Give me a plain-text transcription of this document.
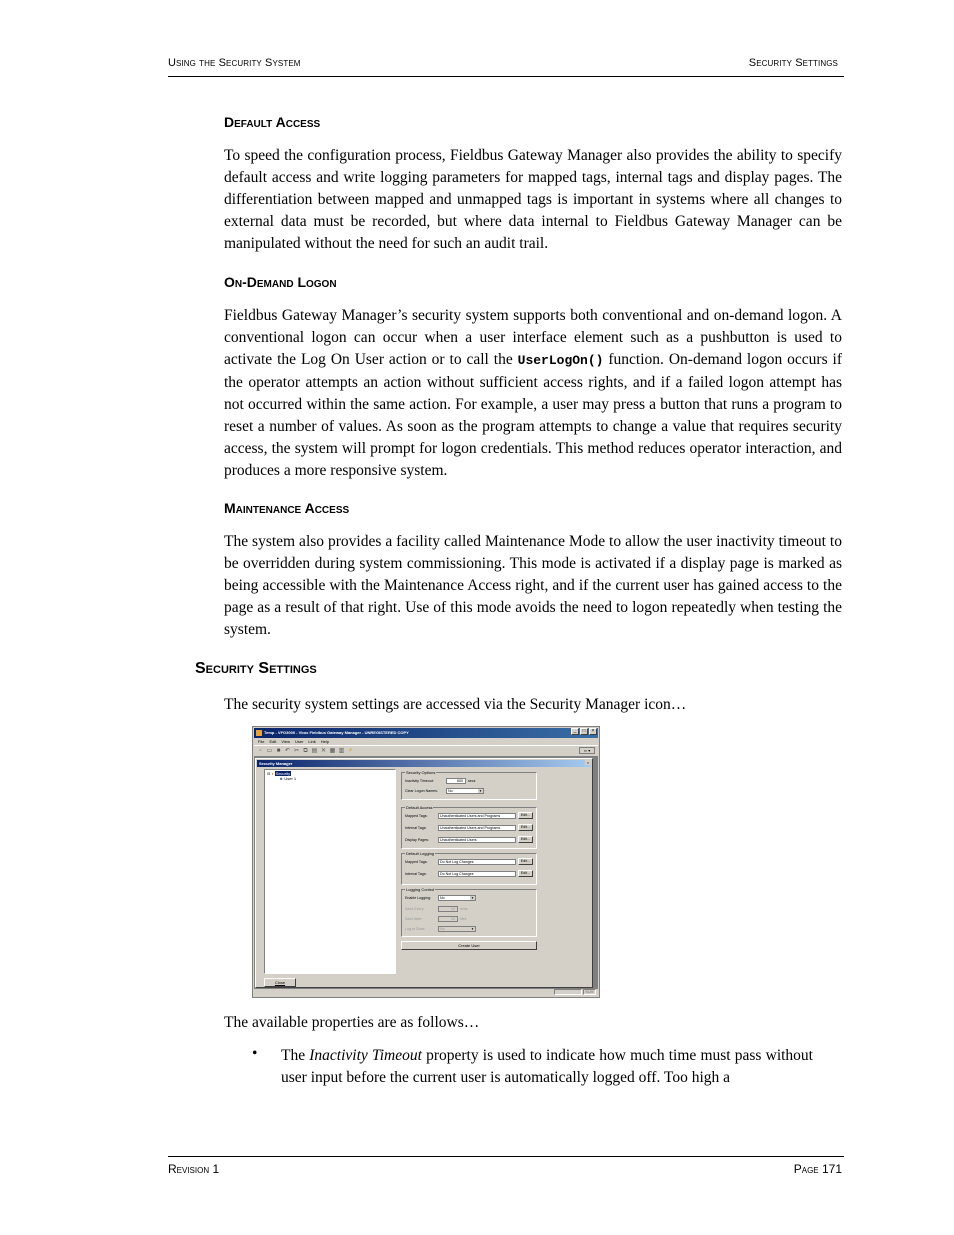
Using the Security System	Security Settings
Default Access

To speed the configuration process, Fieldbus Gateway Manager also provides the ability to specify default access and write logging parameters for mapped tags, internal tags and display pages. The differentiation between mapped and unmapped tags is important in systems where all changes to external data must be recorded, but where data internal to Fieldbus Gateway Manager can be manipulated without the need for such an audit trail.

On-Demand Logon

Fieldbus Gateway Manager’s security system supports both conventional and on-demand logon. A conventional logon can occur when a user interface element such as a pushbutton is used to activate the Log On User action or to call the UserLogOn() function. On-demand logon occurs if the operator attempts an action without sufficient access rights, and if a failed logon attempt has not occurred within the same action. For example, a user may press a button that runs a program to reset a number of values. As soon as the program attempts to change a value that requires security access, the system will prompt for logon credentials. This method reduces operator interaction, and produces a more responsive system.

Maintenance Access

The system also provides a facility called Maintenance Mode to allow the user inactivity timeout to be overridden during system commissioning. This mode is activated if a display page is marked as being accessible with the Maintenance Access right, and if the current user has gained access to the page as a result of that right. Use of this mode avoids the need to logon repeatedly when testing the system.

Security Settings

The security system settings are accessed via the Security Manager icon…

Temp - VFG3000 - Vbox Fieldbus Gateway Manager - UNREGISTERED COPY	_	□	×
File Edit View User Link Help
▫ ▭ ■ ↶ ✂ ⧉ ▤ ✕ ▦ ▥ ⚡	⇦ ▾
Security Manager	×
⊟ ♦ Security
☻ User 1
Close
Security Options
Inactivity Timeout:	600	secs
Clear Logon Names:	No	▼
Default Access
Mapped Tags:	Unauthenticated Users and Programs	Edit...
Internal Tags:	Unauthenticated Users and Programs	Edit...
Display Pages:	Unauthenticated Users	Edit...
Default Logging
Mapped Tags:	Do Not Log Changes	Edit...
Internal Tags:	Do Not Log Changes	Edit...
Logging Control
Enable Logging:	No	▼
Save Every:	60	mins
Save After:	20	files
Log to Drive:	No	▼
Create User
NUM

The available properties are as follows…

• The Inactivity Timeout property is used to indicate how much time must pass without user input before the current user is automatically logged off. Too high a

Revision 1	Page 171
